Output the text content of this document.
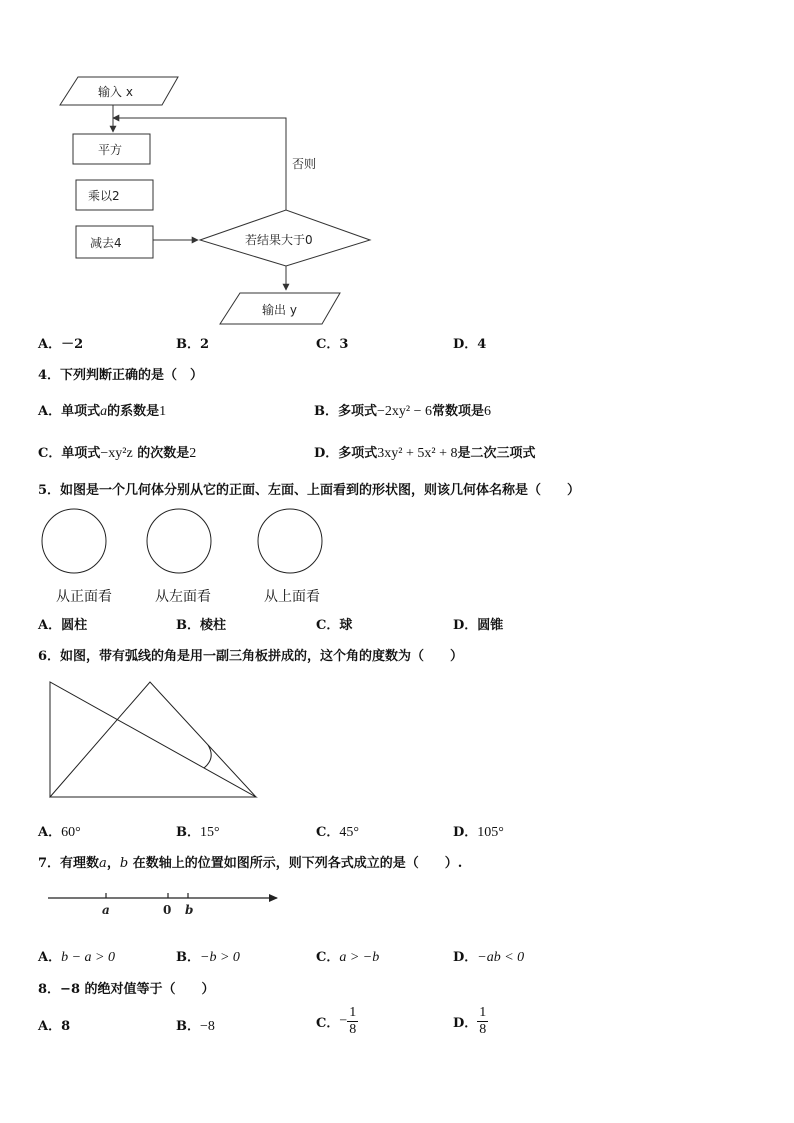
输入 x
否则
平方
乘以2
减去4	若结果大于0
输出 y
A．－2	B．2	C．3	D．4
4．下列判断正确的是（　）
A．单项式a的系数是1	B．多项式−2xy² − 6常数项是6
C．单项式−xy²z 的次数是2	D．多项式3xy² + 5x² + 8是二次三项式
5．如图是一个几何体分别从它的正面、左面、上面看到的形状图，则该几何体名称是（　　）
从正面看	从左面看	从上面看
A．圆柱	B．棱柱	C．球	D．圆锥
6．如图，带有弧线的角是用一副三角板拼成的，这个角的度数为（　　）
A．60°	B．15°	C．45°	D．105°
7．有理数a，b 在数轴上的位置如图所示，则下列各式成立的是（　　）.
a	0 b
A．b − a > 0	B．−b > 0	C．a > −b	D．−ab < 0
8．−8 的绝对值等于（　　）
A．8	B．−8	C．− $\frac{1}{8}$	D． $\frac{1}{8}$
